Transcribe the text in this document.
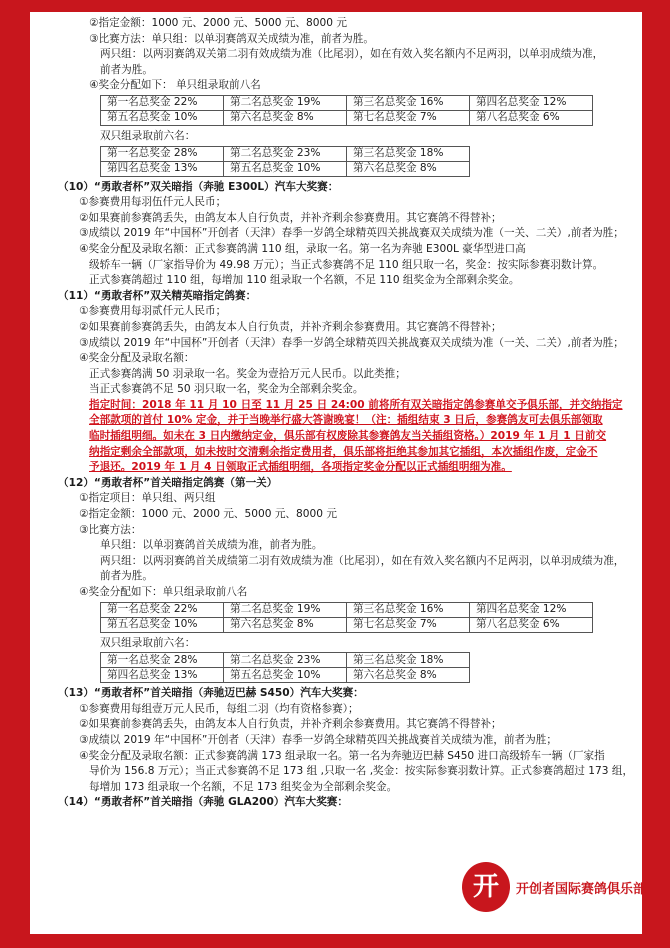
②指定金额：1000 元、2000 元、5000 元、8000 元
③比赛方法：单只组：以单羽赛鸽双关成绩为准，前者为胜。
两只组：以两羽赛鸽双关第二羽有效成绩为准（比尾羽），如在有效入奖名额内不足两羽，以单羽成绩为准，
前者为胜。
④奖金分配如下： 单只组录取前八名
第一名总奖金 22%	第二名总奖金 19%	第三名总奖金 16%	第四名总奖金 12%
第五名总奖金 10%	第六名总奖金 8%	第七名总奖金 7%	第八名总奖金 6%
双只组录取前六名：
第一名总奖金 28%	第二名总奖金 23%	第三名总奖金 18%
第四名总奖金 13%	第五名总奖金 10%	第六名总奖金 8%
（10）“勇敢者杯”双关暗指（奔驰 E300L）汽车大奖赛：
①参赛费用每羽伍仟元人民币；
②如果赛前参赛鸽丢失，由鸽友本人自行负责，并补齐剩余参赛费用。其它赛鸽不得替补；
③成绩以 2019 年“中国杯”开创者（天津）春季一岁鸽全球精英四关挑战赛双关成绩为准（一关、二关）,前者为胜；
④奖金分配及录取名额：正式参赛鸽满 110 组，录取一名。第一名为奔驰 E300L 豪华型进口高
级轿车一辆（厂家指导价为 49.98 万元）；当正式参赛鸽不足 110 组只取一名，奖金：按实际参赛羽数计算。
正式参赛鸽超过 110 组，每增加 110 组录取一个名额，不足 110 组奖金为全部剩余奖金。
（11）“勇敢者杯”双关精英暗指定鸽赛：
①参赛费用每羽贰仟元人民币；
②如果赛前参赛鸽丢失，由鸽友本人自行负责，并补齐剩余参赛费用。其它赛鸽不得替补；
③成绩以 2019 年“中国杯”开创者（天津）春季一岁鸽全球精英四关挑战赛双关成绩为准（一关、二关）,前者为胜；
④奖金分配及录取名额：
正式参赛鸽满 50 羽录取一名。奖金为壹拾万元人民币。以此类推；
当正式参赛鸽不足 50 羽只取一名，奖金为全部剩余奖金。
指定时间：2018 年 11 月 10 日至 11 月 25 日 24:00 前将所有双关暗指定鸽参赛单交予俱乐部，并交纳指定
全部款项的首付 10% 定金，并于当晚举行盛大答谢晚宴！（注：插组结束 3 日后，参赛鸽友可去俱乐部领取
临时插组明细。如未在 3 日内缴纳定金，俱乐部有权废除其参赛鸽友当关插组资格。）2019 年 1 月 1 日前交
纳指定剩余全部款项，如未按时交清剩余指定费用者，俱乐部将拒绝其参加其它插组，本次插组作废，定金不
予退还。2019 年 1 月 4 日领取正式插组明细，各项指定奖金分配以正式插组明细为准。
（12）“勇敢者杯”首关暗指定鸽赛（第一关）
①指定项目：单只组、两只组
②指定金额：1000 元、2000 元、5000 元、8000 元
③比赛方法：
单只组：以单羽赛鸽首关成绩为准，前者为胜。
两只组：以两羽赛鸽首关成绩第二羽有效成绩为准（比尾羽），如在有效入奖名额内不足两羽，以单羽成绩为准，
前者为胜。
④奖金分配如下：单只组录取前八名
第一名总奖金 22%	第二名总奖金 19%	第三名总奖金 16%	第四名总奖金 12%
第五名总奖金 10%	第六名总奖金 8%	第七名总奖金 7%	第八名总奖金 6%
双只组录取前六名：
第一名总奖金 28%	第二名总奖金 23%	第三名总奖金 18%
第四名总奖金 13%	第五名总奖金 10%	第六名总奖金 8%
（13）“勇敢者杯”首关暗指（奔驰迈巴赫 S450）汽车大奖赛：
①参赛费用每组壹万元人民币，每组二羽（均有资格参赛）；
②如果赛前参赛鸽丢失，由鸽友本人自行负责，并补齐剩余参赛费用。其它赛鸽不得替补；
③成绩以 2019 年“中国杯”开创者（天津）春季一岁鸽全球精英四关挑战赛首关成绩为准，前者为胜；
④奖金分配及录取名额：正式参赛鸽满 173 组录取一名。第一名为奔驰迈巴赫 S450 进口高级轿车一辆（厂家指
导价为 156.8 万元）；当正式参赛鸽不足 173 组 ,只取一名 ,奖金：按实际参赛羽数计算。正式参赛鸽超过 173 组，
每增加 173 组录取一个名额，不足 173 组奖金为全部剩余奖金。
（14）“勇敢者杯”首关暗指（奔驰 GLA200）汽车大奖赛：
开	开创者国际赛鸽俱乐部
